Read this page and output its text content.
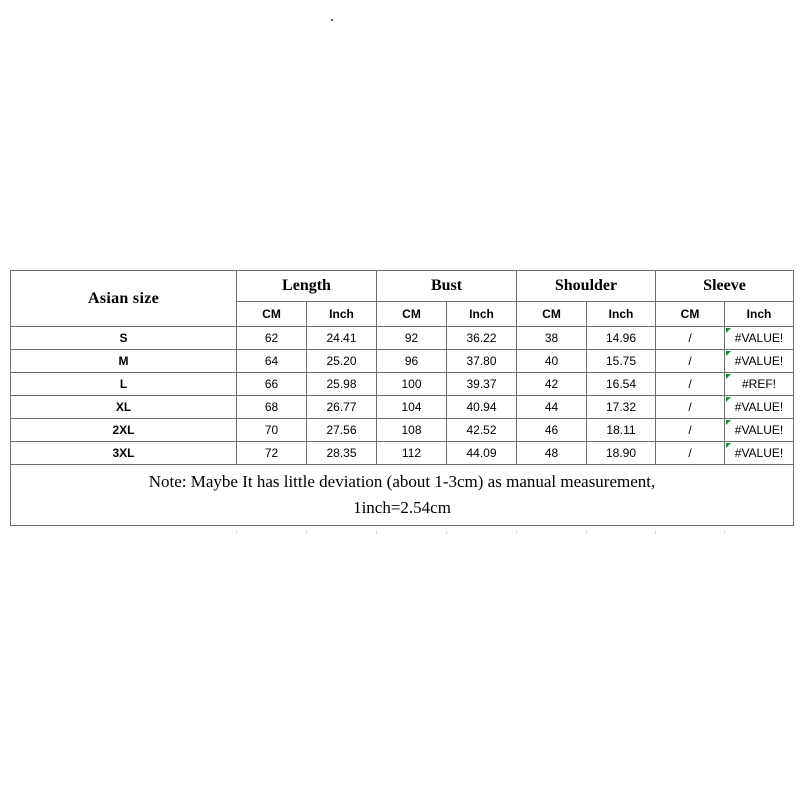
Asian size	Length		Bust		Shoulder		Sleeve	
	CM	Inch	CM	Inch	CM	Inch	CM	Inch
S	62	24.41	92	36.22	38	14.96	/	#VALUE!
M	64	25.20	96	37.80	40	15.75	/	#VALUE!
L	66	25.98	100	39.37	42	16.54	/	#REF!
XL	68	26.77	104	40.94	44	17.32	/	#VALUE!
2XL	70	27.56	108	42.52	46	18.11	/	#VALUE!
3XL	72	28.35	112	44.09	48	18.90	/	#VALUE!

Note: Maybe It has little deviation (about 1-3cm) as manual measurement,
1inch=2.54cm								
